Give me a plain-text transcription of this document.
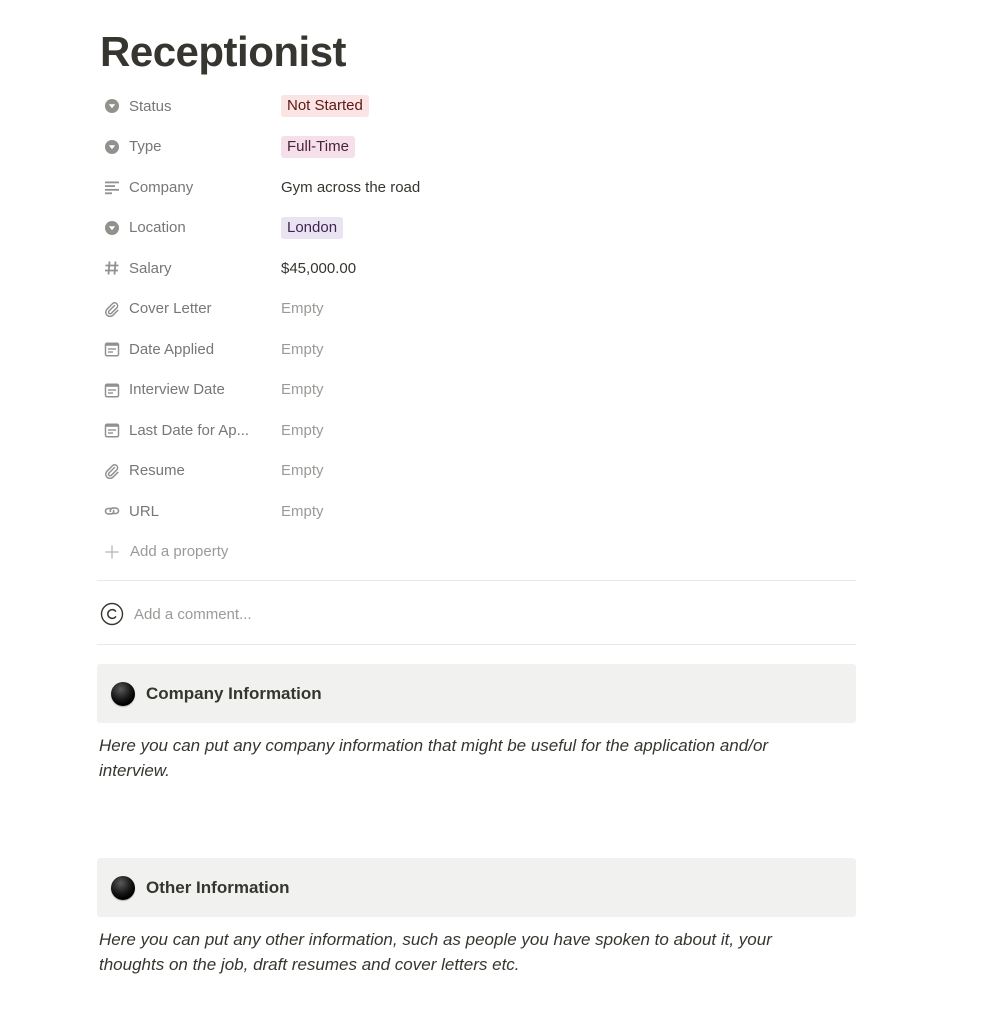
Receptionist
Status	Not Started
Type	Full-Time
Company	Gym across the road
Location	London
Salary	$45,000.00
Cover Letter	Empty
Date Applied	Empty
Interview Date	Empty
Last Date for Ap... Empty
Resume	Empty
URL	Empty
Add a property
Add a comment...
Company Information

Here you can put any company information that might be useful for the application and/or interview.

Other Information

Here you can put any other information, such as people you have spoken to about it, your thoughts on the job, draft resumes and cover letters etc.
